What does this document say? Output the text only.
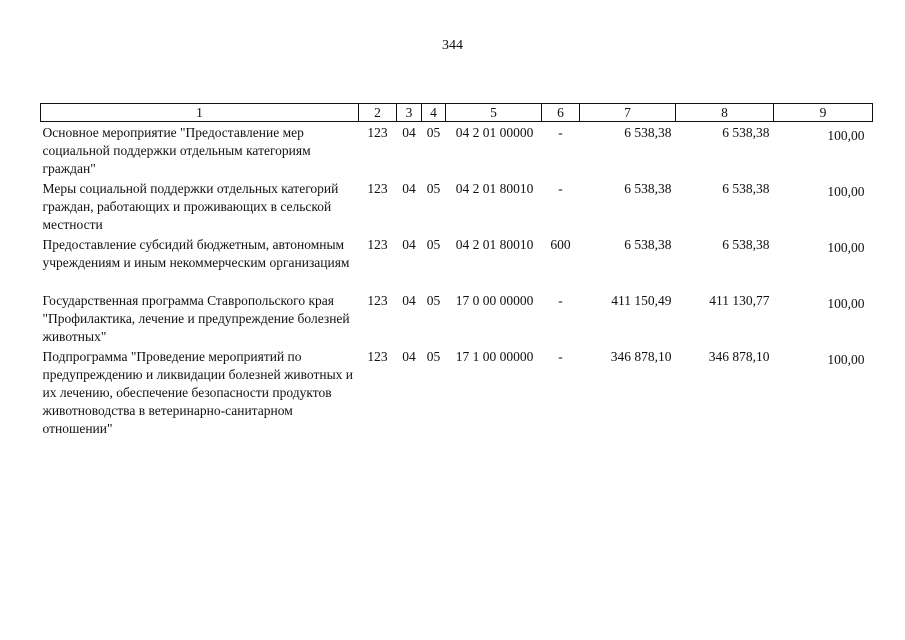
344
1	2	3	4	5	6	7	8	9
Основное мероприятие "Предоставление мер социальной поддержки отдельным категориям граждан"	123	04	05	04 2 01 00000	-	6 538,38	6 538,38	100,00
Меры социальной поддержки отдельных категорий граждан, работающих и проживающих в сельской местности	123	04	05	04 2 01 80010	-	6 538,38	6 538,38	100,00
Предоставление субсидий бюджетным, автономным учреждениям и иным некоммерческим организациям	123	04	05	04 2 01 80010	600	6 538,38	6 538,38	100,00
Государственная программа Ставропольского края "Профилактика, лечение и предупреждение болезней животных"	123	04	05	17 0 00 00000	-	411 150,49	411 130,77	100,00
Подпрограмма "Проведение мероприятий по предупреждению и ликвидации болезней животных и их лечению, обеспечение безопасности продуктов животноводства в ветеринарно-санитарном отношении"	123	04	05	17 1 00 00000	-	346 878,10	346 878,10	100,00
